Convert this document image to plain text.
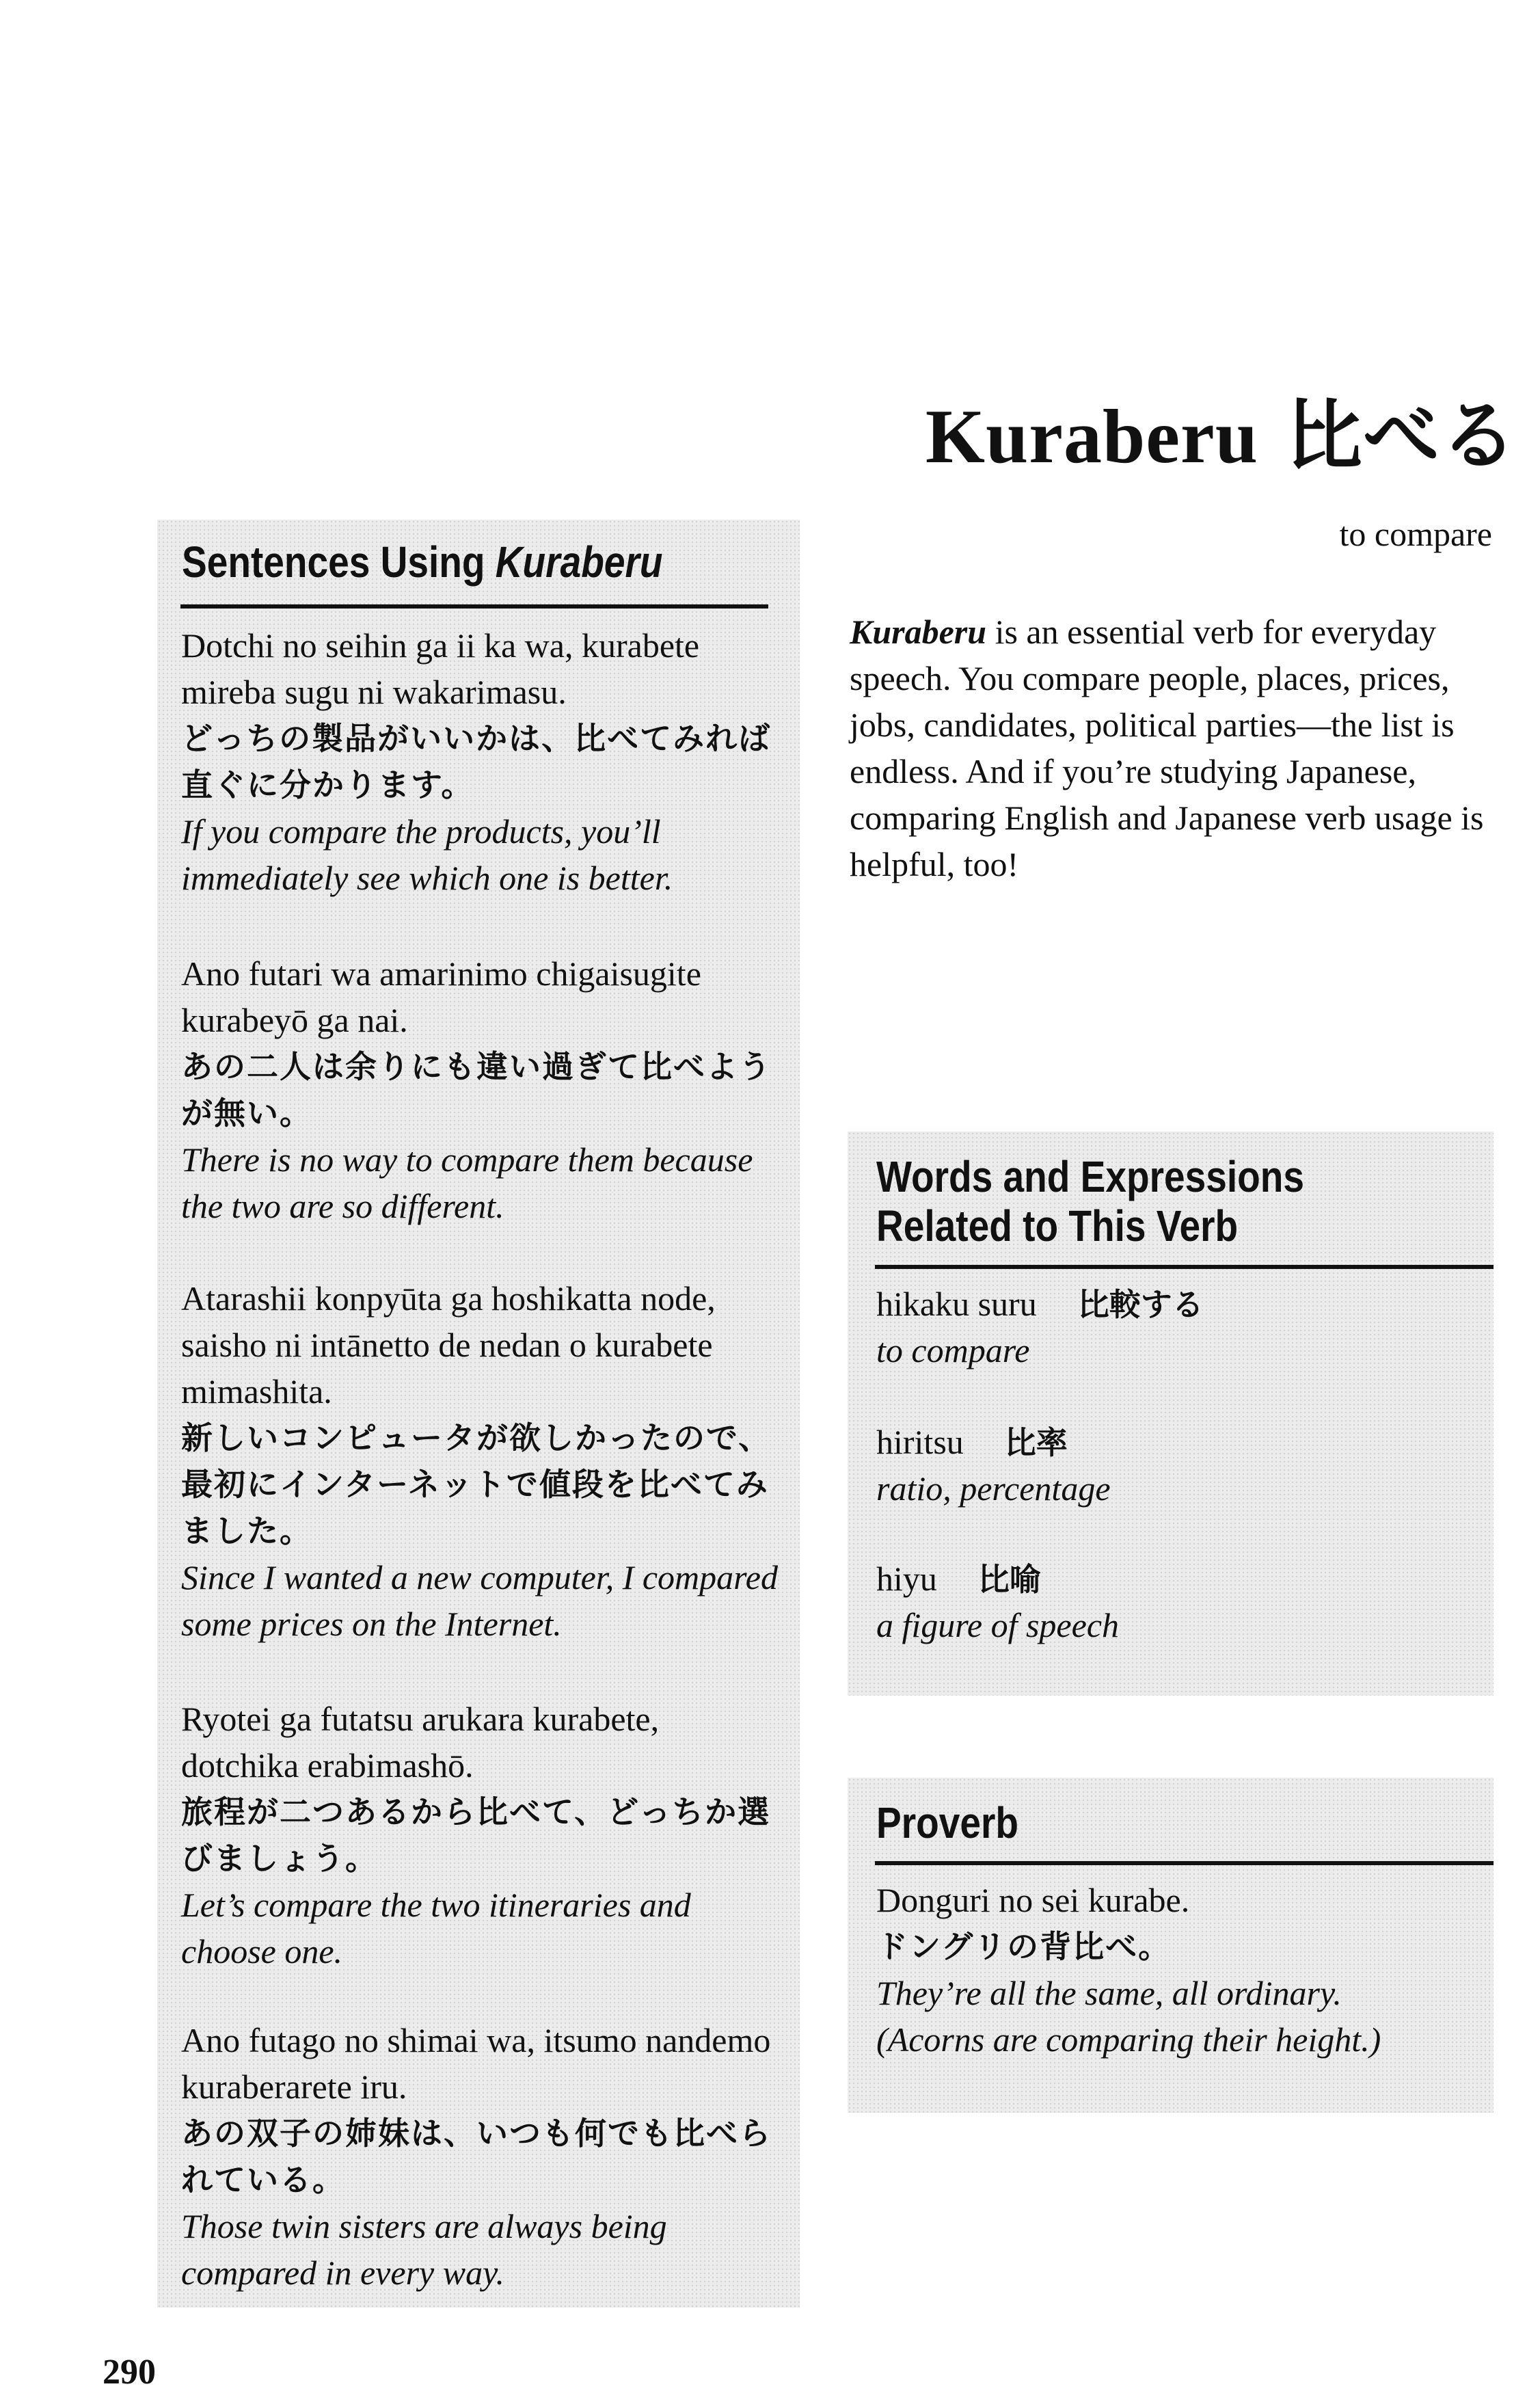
Kuraberu 比べる
to compare
Sentences Using Kuraberu
Dotchi no seihin ga ii ka wa, kurabete mireba sugu ni wakarimasu.
どっちの製品がいいかは、比べてみれば直ぐに分かります。
If you compare the products, you’ll immediately see which one is better.
Ano futari wa amarinimo chigaisugite kurabeyō ga nai.
あの二人は余りにも違い過ぎて比べようが無い。
There is no way to compare them because the two are so different.
Atarashii konpyūta ga hoshikatta node, saisho ni intānetto de nedan o kurabete mimashita.
新しいコンピュータが欲しかったので、最初にインターネットで値段を比べてみました。
Since I wanted a new computer, I compared some prices on the Internet.
Ryotei ga futatsu arukara kurabete, dotchika erabimashō.
旅程が二つあるから比べて、どっちか選びましょう。
Let’s compare the two itineraries and choose one.
Ano futago no shimai wa, itsumo nandemo kuraberarete iru.
あの双子の姉妹は、いつも何でも比べられている。
Those twin sisters are always being compared in every way.
Kuraberu is an essential verb for everyday speech. You compare people, places, prices, jobs, candidates, political parties—the list is endless. And if you’re studying Japanese, comparing English and Japanese verb usage is helpful, too!
Words and Expressions
Related to This Verb
hikaku suru 比較する
to compare
hiritsu 比率
ratio, percentage
hiyu 比喻
a figure of speech
Proverb
Donguri no sei kurabe.
ドングリの背比べ。
They’re all the same, all ordinary.
(Acorns are comparing their height.)
290
